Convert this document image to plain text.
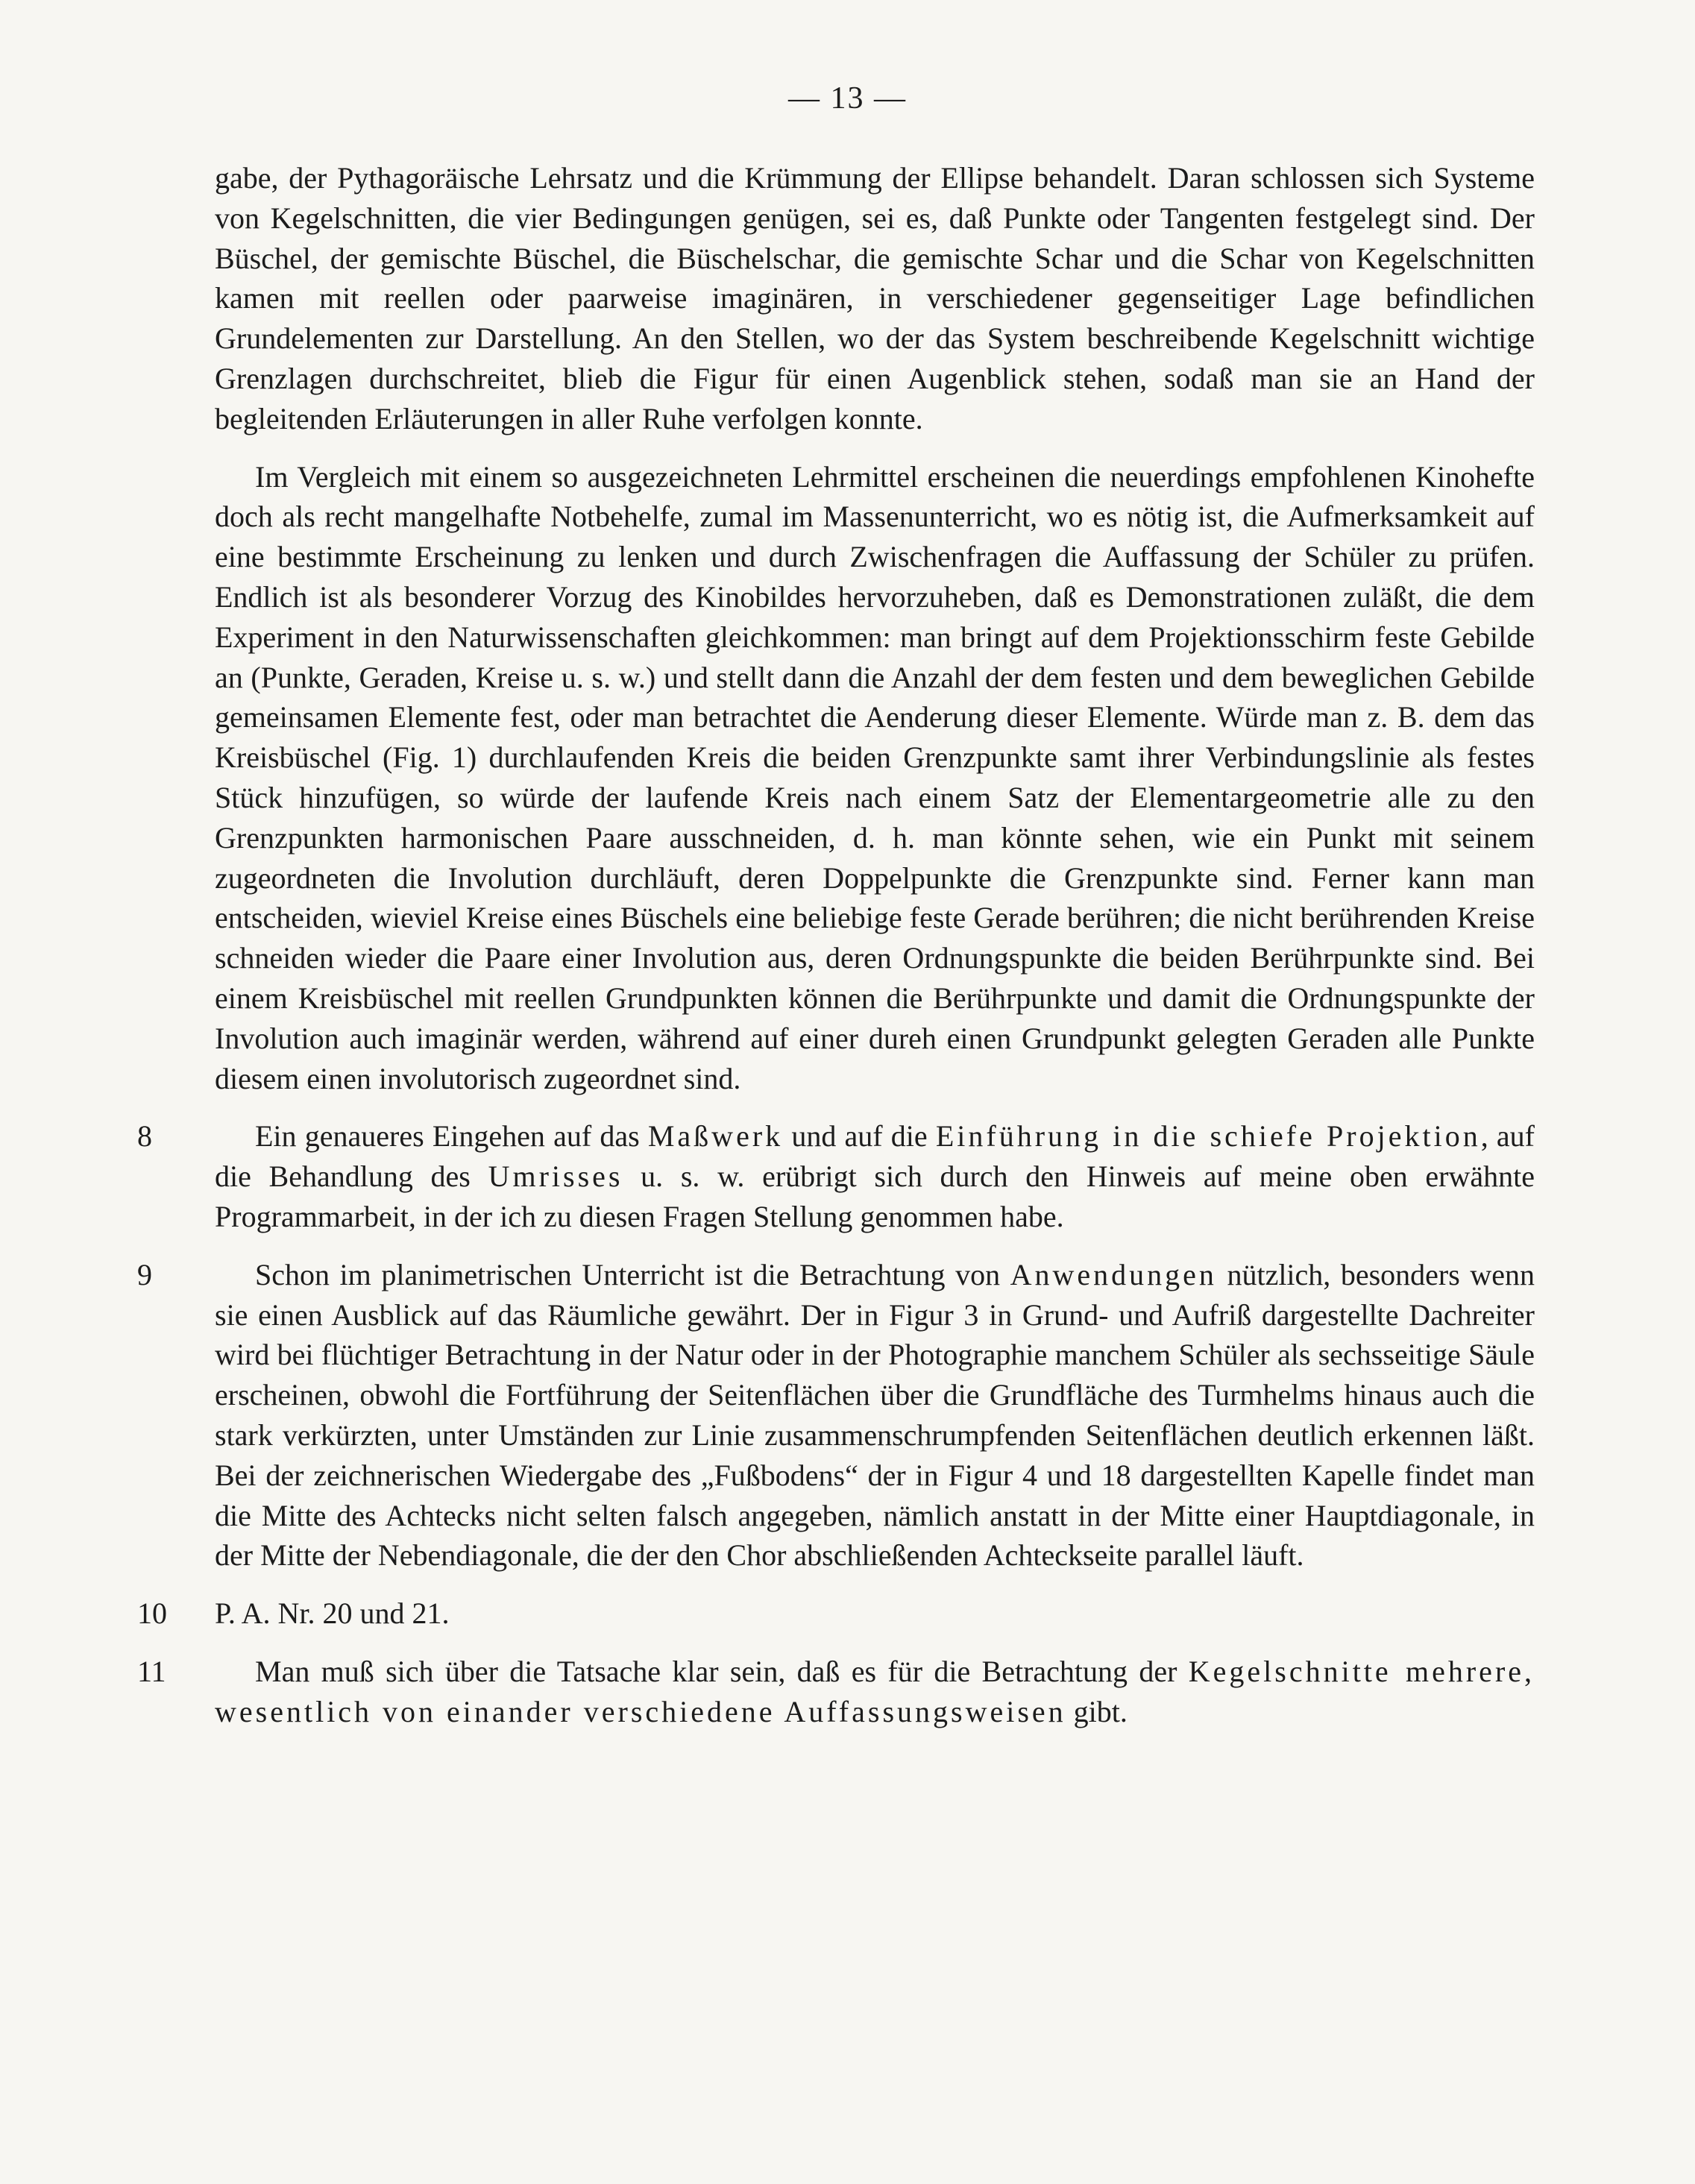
— 13 —

gabe, der Pythagoräische Lehrsatz und die Krümmung der Ellipse behandelt. Daran schlossen sich Systeme von Kegelschnitten, die vier Bedingungen genügen, sei es, daß Punkte oder Tangenten festgelegt sind. Der Büschel, der gemischte Büschel, die Büschelschar, die gemischte Schar und die Schar von Kegelschnitten kamen mit reellen oder paarweise imaginären, in verschiedener gegenseitiger Lage befindlichen Grundelementen zur Darstellung. An den Stellen, wo der das System beschreibende Kegelschnitt wichtige Grenzlagen durchschreitet, blieb die Figur für einen Augenblick stehen, sodaß man sie an Hand der begleitenden Erläuterungen in aller Ruhe verfolgen konnte.

Im Vergleich mit einem so ausgezeichneten Lehrmittel erscheinen die neuerdings empfohlenen Kinohefte doch als recht mangelhafte Notbehelfe, zumal im Massenunterricht, wo es nötig ist, die Aufmerksamkeit auf eine bestimmte Erscheinung zu lenken und durch Zwischenfragen die Auffassung der Schüler zu prüfen. Endlich ist als besonderer Vorzug des Kinobildes hervorzuheben, daß es Demonstrationen zuläßt, die dem Experiment in den Naturwissenschaften gleichkommen: man bringt auf dem Projektionsschirm feste Gebilde an (Punkte, Geraden, Kreise u. s. w.) und stellt dann die Anzahl der dem festen und dem beweglichen Gebilde gemeinsamen Elemente fest, oder man betrachtet die Aenderung dieser Elemente. Würde man z. B. dem das Kreisbüschel (Fig. 1) durchlaufenden Kreis die beiden Grenzpunkte samt ihrer Verbindungslinie als festes Stück hinzufügen, so würde der laufende Kreis nach einem Satz der Elementargeometrie alle zu den Grenzpunkten harmonischen Paare ausschneiden, d. h. man könnte sehen, wie ein Punkt mit seinem zugeordneten die Involution durchläuft, deren Doppelpunkte die Grenzpunkte sind. Ferner kann man entscheiden, wieviel Kreise eines Büschels eine beliebige feste Gerade berühren; die nicht berührenden Kreise schneiden wieder die Paare einer Involution aus, deren Ordnungspunkte die beiden Berührpunkte sind. Bei einem Kreisbüschel mit reellen Grundpunkten können die Berührpunkte und damit die Ordnungspunkte der Involution auch imaginär werden, während auf einer dureh einen Grundpunkt gelegten Geraden alle Punkte diesem einen involutorisch zugeordnet sind.

8	Ein genaueres Eingehen auf das Maßwerk und auf die Einführung in die schiefe Projektion, auf die Behandlung des Umrisses u. s. w. erübrigt sich durch den Hinweis auf meine oben erwähnte Programmarbeit, in der ich zu diesen Fragen Stellung genommen habe.

9	Schon im planimetrischen Unterricht ist die Betrachtung von Anwendungen nützlich, besonders wenn sie einen Ausblick auf das Räumliche gewährt. Der in Figur 3 in Grund- und Aufriß dargestellte Dachreiter wird bei flüchtiger Betrachtung in der Natur oder in der Photographie manchem Schüler als sechsseitige Säule erscheinen, obwohl die Fortführung der Seitenflächen über die Grundfläche des Turmhelms hinaus auch die stark verkürzten, unter Umständen zur Linie zusammenschrumpfenden Seitenflächen deutlich erkennen läßt. Bei der zeichnerischen Wiedergabe des „Fußbodens“ der in Figur 4 und 18 dargestellten Kapelle findet man die Mitte des Achtecks nicht selten falsch angegeben, nämlich anstatt in der Mitte einer Hauptdiagonale, in der Mitte der Nebendiagonale, die der den Chor abschließenden Achteckseite parallel läuft.

10 P. A. Nr. 20 und 21.

11	Man muß sich über die Tatsache klar sein, daß es für die Betrachtung der Kegelschnitte mehrere, wesentlich von einander verschiedene Auffassungsweisen gibt.
